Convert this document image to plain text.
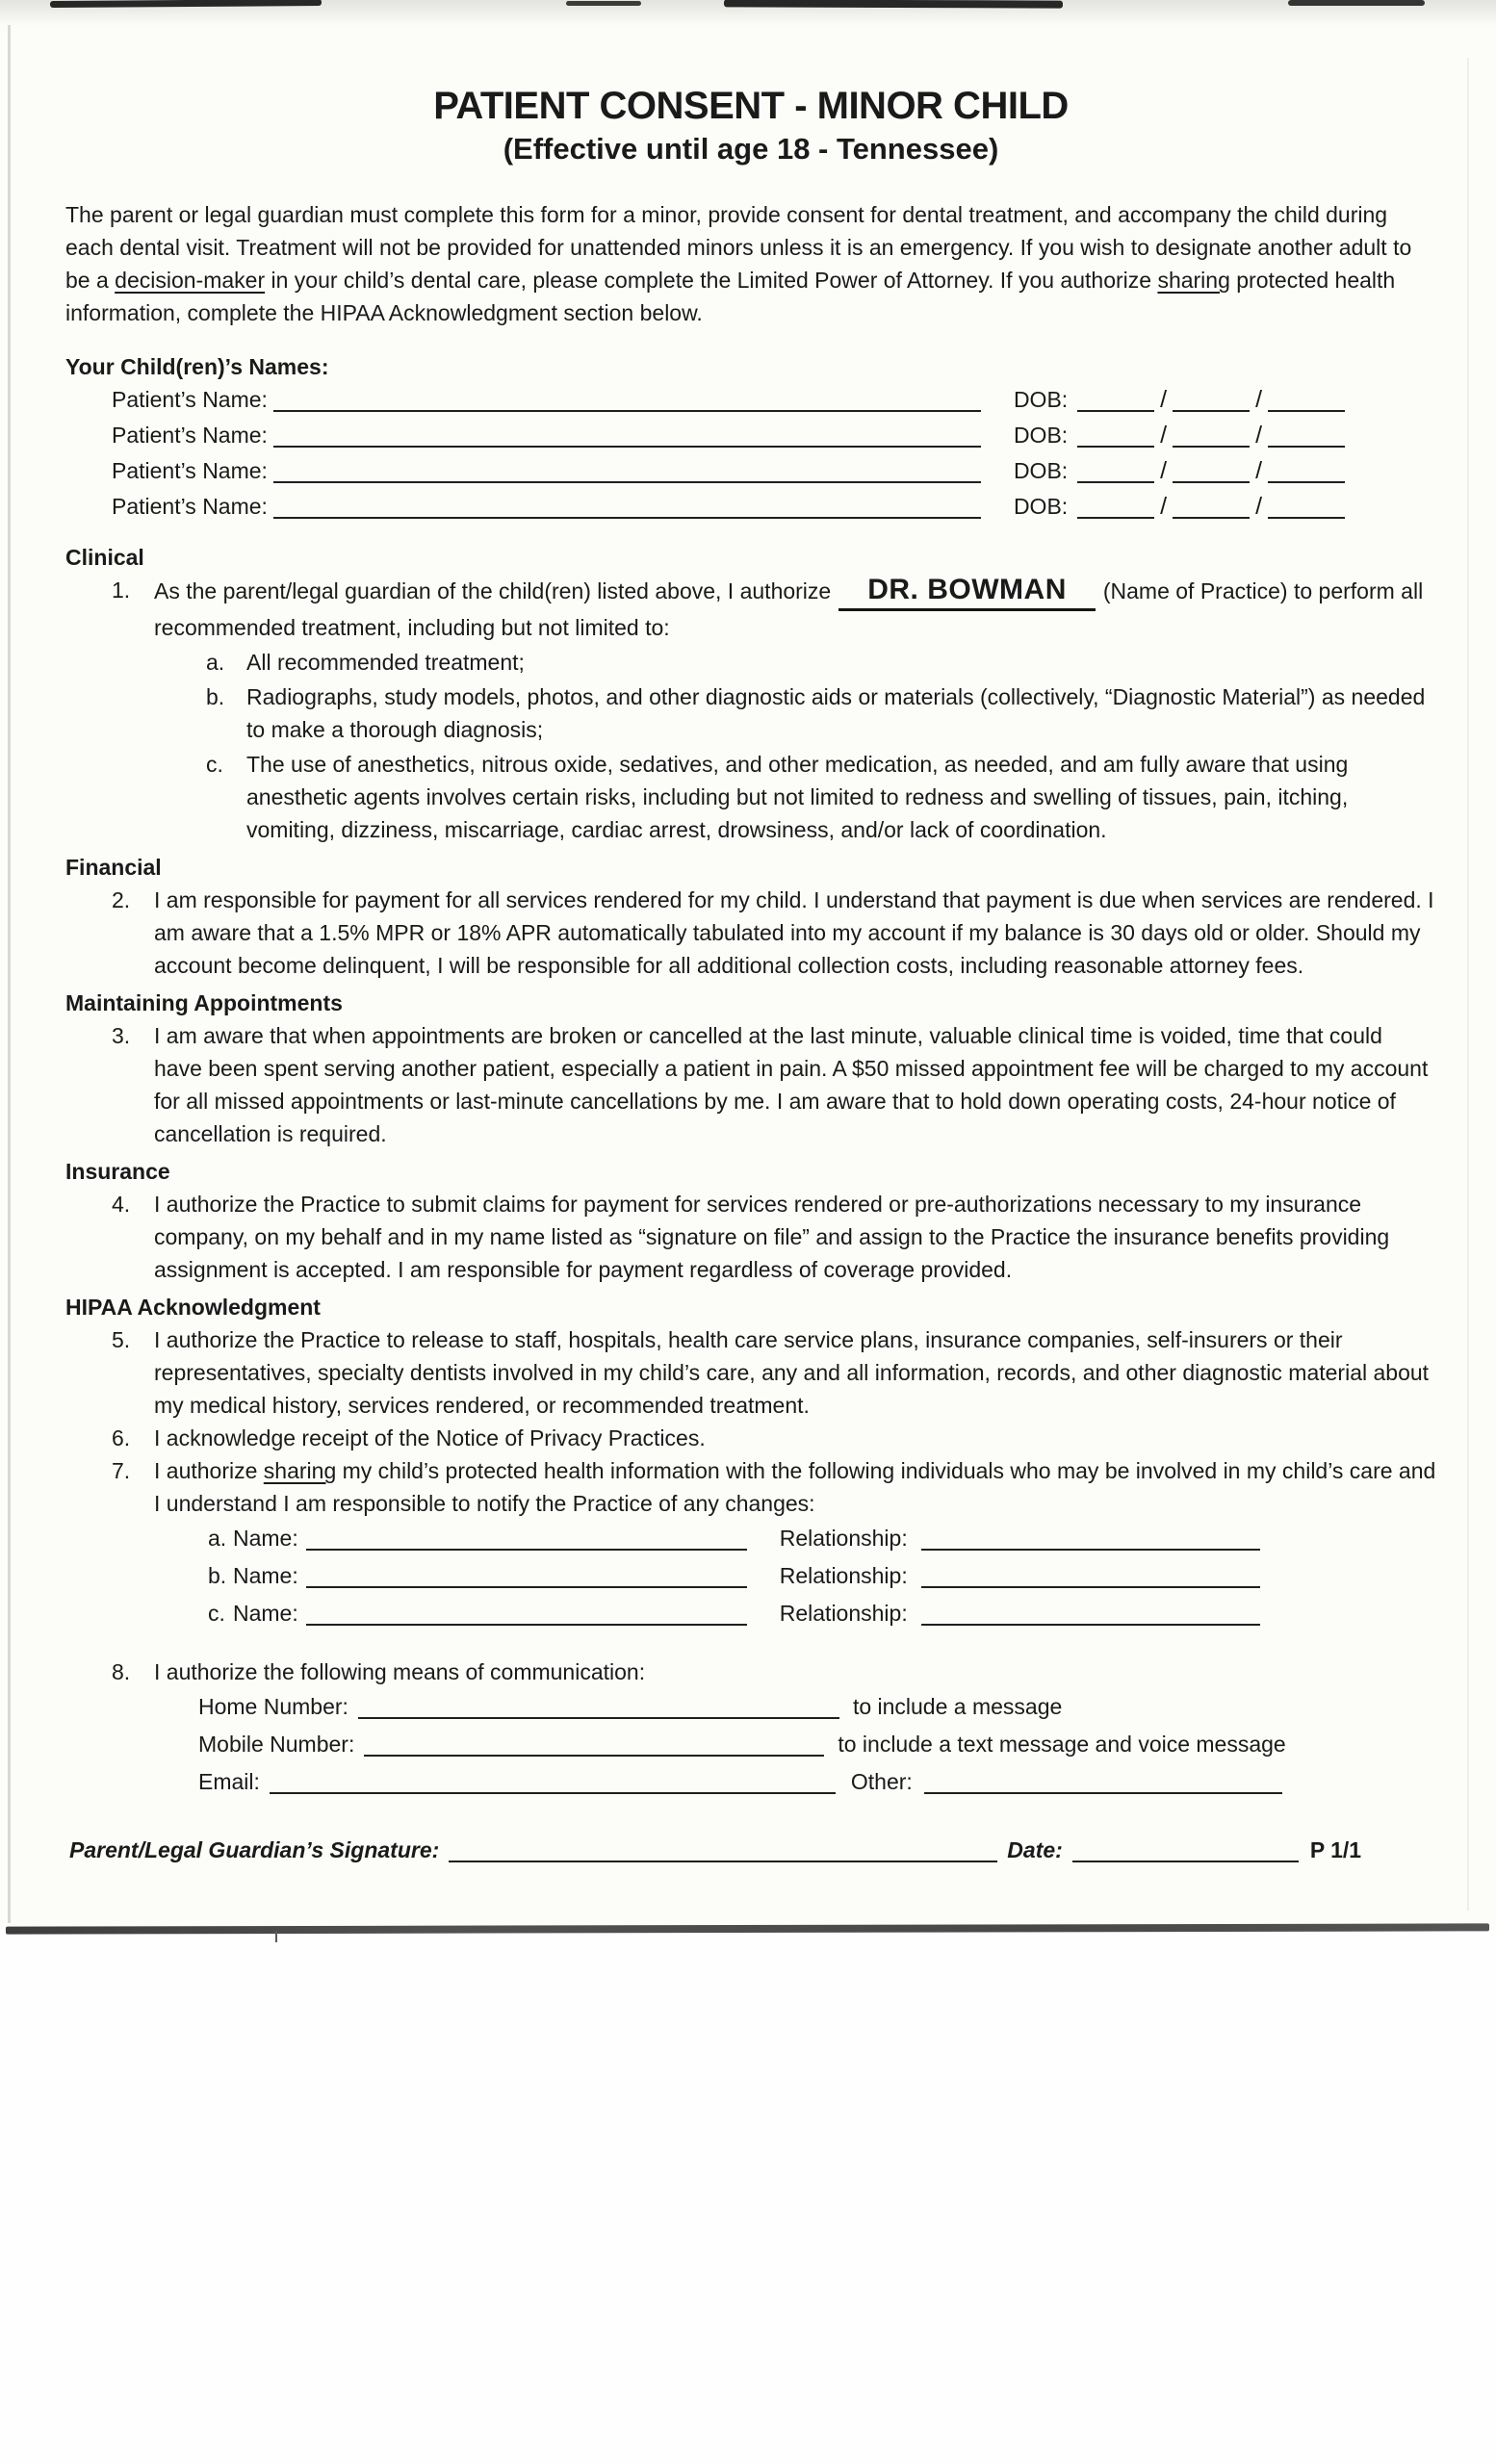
PATIENT CONSENT - MINOR CHILD
(Effective until age 18 - Tennessee)
The parent or legal guardian must complete this form for a minor, provide consent for dental treatment, and accompany the child during each dental visit. Treatment will not be provided for unattended minors unless it is an emergency. If you wish to designate another adult to be a decision-maker in your child’s dental care, please complete the Limited Power of Attorney. If you authorize sharing protected health information, complete the HIPAA Acknowledgment section below.
Your Child(ren)’s Names:
Patient’s Name:	DOB:	/	/
Patient’s Name:	DOB:	/	/
Patient’s Name:	DOB:	/	/
Patient’s Name:	DOB:	/	/
Clinical
1. As the parent/legal guardian of the child(ren) listed above, I authorize DR. BOWMAN (Name of Practice) to perform all recommended treatment, including but not limited to:
a. All recommended treatment;
b. Radiographs, study models, photos, and other diagnostic aids or materials (collectively, “Diagnostic Material”) as needed to make a thorough diagnosis;
c. The use of anesthetics, nitrous oxide, sedatives, and other medication, as needed, and am fully aware that using anesthetic agents involves certain risks, including but not limited to redness and swelling of tissues, pain, itching, vomiting, dizziness, miscarriage, cardiac arrest, drowsiness, and/or lack of coordination.
Financial
2. I am responsible for payment for all services rendered for my child. I understand that payment is due when services are rendered. I am aware that a 1.5% MPR or 18% APR automatically tabulated into my account if my balance is 30 days old or older. Should my account become delinquent, I will be responsible for all additional collection costs, including reasonable attorney fees.
Maintaining Appointments
3. I am aware that when appointments are broken or cancelled at the last minute, valuable clinical time is voided, time that could have been spent serving another patient, especially a patient in pain. A $50 missed appointment fee will be charged to my account for all missed appointments or last-minute cancellations by me. I am aware that to hold down operating costs, 24-hour notice of cancellation is required.
Insurance
4. I authorize the Practice to submit claims for payment for services rendered or pre-authorizations necessary to my insurance company, on my behalf and in my name listed as “signature on file” and assign to the Practice the insurance benefits providing assignment is accepted. I am responsible for payment regardless of coverage provided.
HIPAA Acknowledgment
5. I authorize the Practice to release to staff, hospitals, health care service plans, insurance companies, self-insurers or their representatives, specialty dentists involved in my child’s care, any and all information, records, and other diagnostic material about my medical history, services rendered, or recommended treatment.
6. I acknowledge receipt of the Notice of Privacy Practices.
7. I authorize sharing my child’s protected health information with the following individuals who may be involved in my child’s care and I understand I am responsible to notify the Practice of any changes:
a. Name:	Relationship:
b. Name:	Relationship:
c. Name:	Relationship:
8. I authorize the following means of communication:
Home Number:	to include a message
Mobile Number:	to include a text message and voice message
Email:	Other:
Parent/Legal Guardian’s Signature:	Date:	P 1/1
